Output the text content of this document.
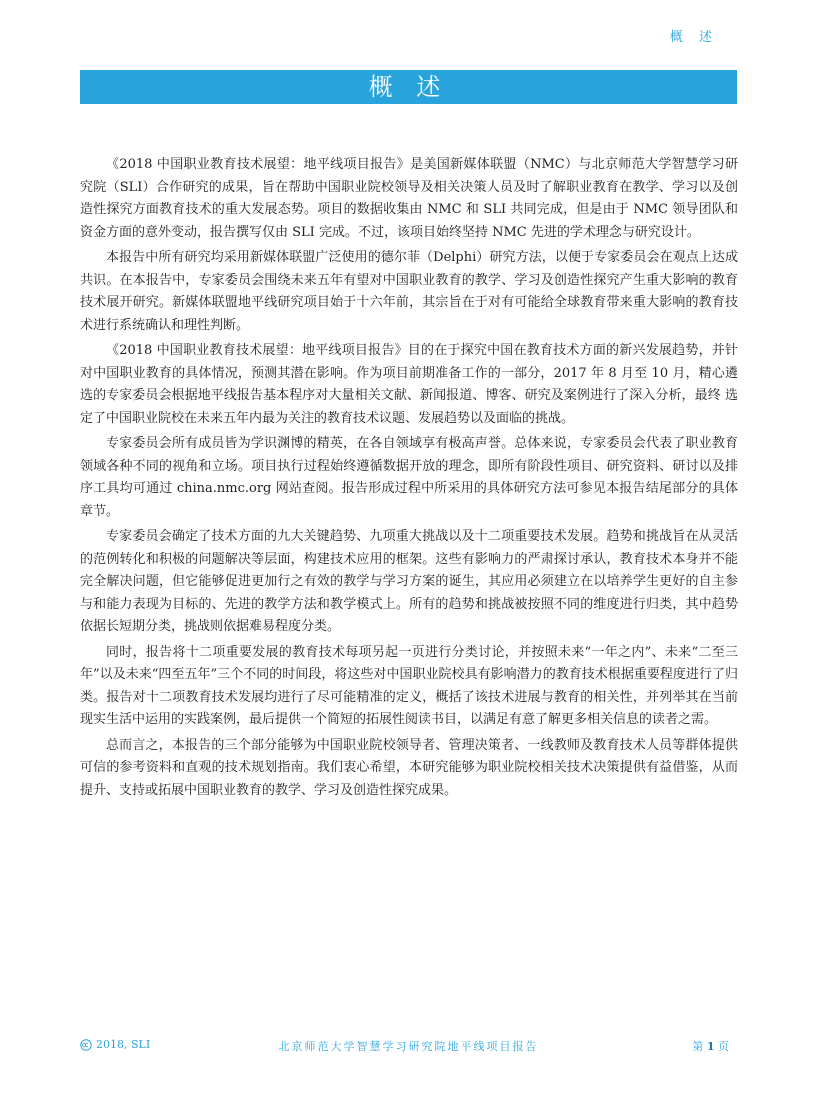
概 述
概 述

《2018 中国职业教育技术展望：地平线项目报告》是美国新媒体联盟（NMC）与北京师范大学智慧学习研 究院（SLI）合作研究的成果，旨在帮助中国职业院校领导及相关决策人员及时了解职业教育在教学、学习以及创造性探究方面教育技术的重大发展态势。项目的数据收集由 NMC 和 SLI 共同完成，但是由于 NMC 领导团队和 资金方面的意外变动，报告撰写仅由 SLI 完成。不过，该项目始终坚持 NMC 先进的学术理念与研究设计。

本报告中所有研究均采用新媒体联盟广泛使用的德尔菲（Delphi）研究方法，以便于专家委员会在观点上达成共识。在本报告中，专家委员会围绕未来五年有望对中国职业教育的教学、学习及创造性探究产生重大影响的教育技术展开研究。新媒体联盟地平线研究项目始于十六年前，其宗旨在于对有可能给全球教育带来重大影响的教育技术进行系统确认和理性判断。

《2018 中国职业教育技术展望：地平线项目报告》目的在于探究中国在教育技术方面的新兴发展趋势，并针对中国职业教育的具体情况，预测其潜在影响。作为项目前期准备工作的一部分，2017 年 8 月至 10 月，精心遴 选的专家委员会根据地平线报告基本程序对大量相关文献、新闻报道、博客、研究及案例进行了深入分析，最终 选定了中国职业院校在未来五年内最为关注的教育技术议题、发展趋势以及面临的挑战。

专家委员会所有成员皆为学识渊博的精英，在各自领域享有极高声誉。总体来说，专家委员会代表了职业教育领域各种不同的视角和立场。项目执行过程始终遵循数据开放的理念，即所有阶段性项目、研究资料、研讨以及排序工具均可通过 china.nmc.org 网站查阅。报告形成过程中所采用的具体研究方法可参见本报告结尾部分的具体章节。

专家委员会确定了技术方面的九大关键趋势、九项重大挑战以及十二项重要技术发展。趋势和挑战旨在从灵活的范例转化和积极的问题解决等层面，构建技术应用的框架。这些有影响力的严肃探讨承认，教育技术本身并不能完全解决问题，但它能够促进更加行之有效的教学与学习方案的诞生，其应用必须建立在以培养学生更好的自主参与和能力表现为目标的、先进的教学方法和教学模式上。所有的趋势和挑战被按照不同的维度进行归类，其中趋势依据长短期分类，挑战则依据难易程度分类。

同时，报告将十二项重要发展的教育技术每项另起一页进行分类讨论，并按照未来“一年之内”、未来“二至三年”以及未来“四至五年”三个不同的时间段，将这些对中国职业院校具有影响潜力的教育技术根据重要程度进行了归类。报告对十二项教育技术发展均进行了尽可能精准的定义，概括了该技术进展与教育的相关性，并列举其在当前现实生活中运用的实践案例，最后提供一个简短的拓展性阅读书目，以满足有意了解更多相关信息的读者之需。

总而言之，本报告的三个部分能够为中国职业院校领导者、管理决策者、一线教师及教育技术人员等群体提供可信的参考资料和直观的技术规划指南。我们衷心希望，本研究能够为职业院校相关技术决策提供有益借鉴，从而提升、支持或拓展中国职业教育的教学、学习及创造性探究成果。

2018, SLI	北京师范大学智慧学习研究院地平线项目报告	第 1 页
